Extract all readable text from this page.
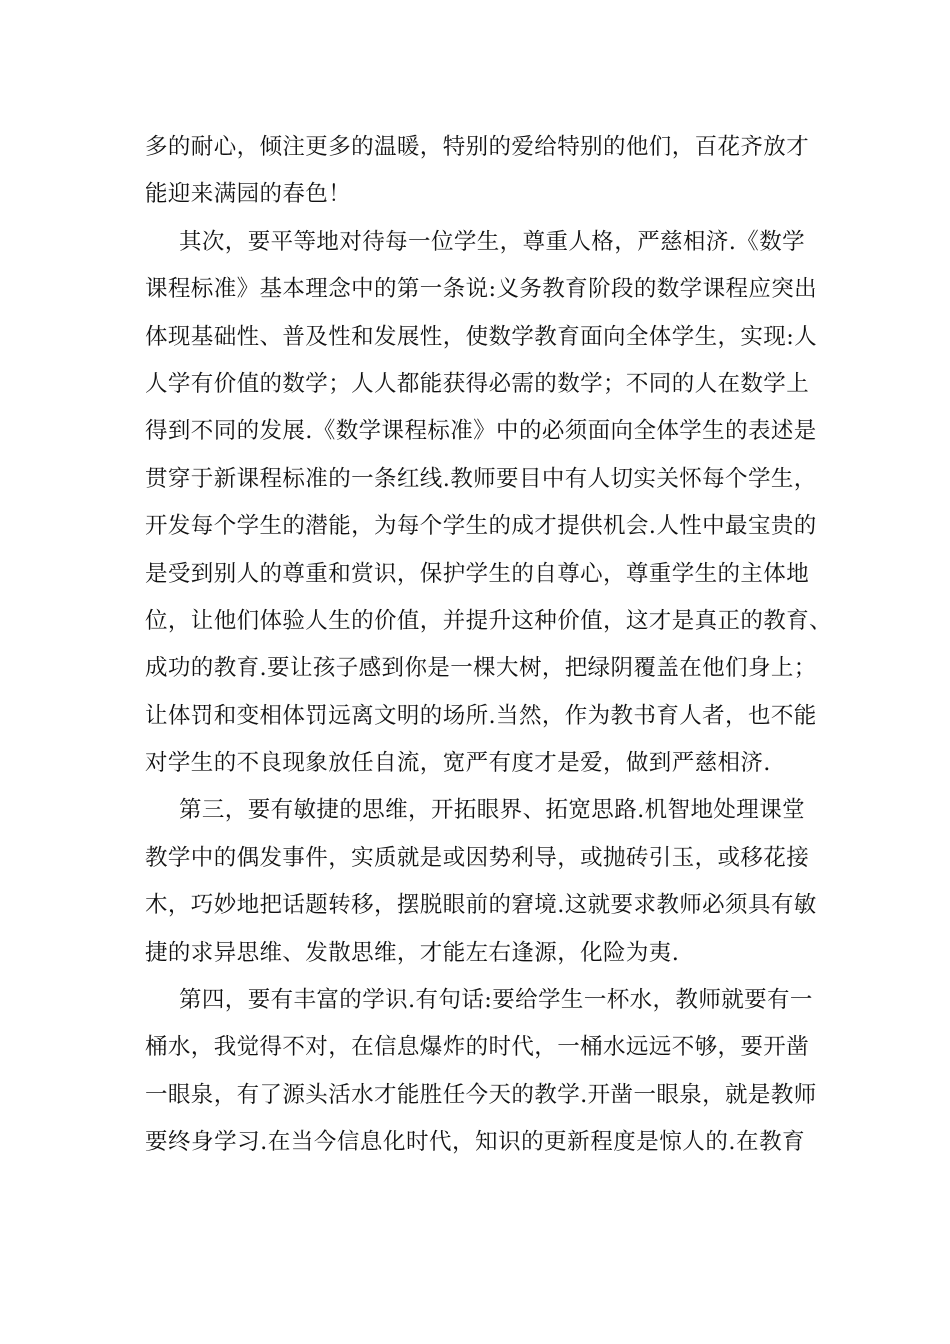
多的耐心，倾注更多的温暖，特别的爱给特别的他们，百花齐放才
能迎来满园的春色！
其次，要平等地对待每一位学生，尊重人格，严慈相济.《数学
课程标准》基本理念中的第一条说:义务教育阶段的数学课程应突出
体现基础性、普及性和发展性，使数学教育面向全体学生，实现:人
人学有价值的数学；人人都能获得必需的数学；不同的人在数学上
得到不同的发展.《数学课程标准》中的必须面向全体学生的表述是
贯穿于新课程标准的一条红线.教师要目中有人切实关怀每个学生，
开发每个学生的潜能，为每个学生的成才提供机会.人性中最宝贵的
是受到别人的尊重和赏识，保护学生的自尊心，尊重学生的主体地
位，让他们体验人生的价值，并提升这种价值，这才是真正的教育、
成功的教育.要让孩子感到你是一棵大树，把绿阴覆盖在他们身上；
让体罚和变相体罚远离文明的场所.当然，作为教书育人者，也不能
对学生的不良现象放任自流，宽严有度才是爱，做到严慈相济.
第三，要有敏捷的思维，开拓眼界、拓宽思路.机智地处理课堂
教学中的偶发事件，实质就是或因势利导，或抛砖引玉，或移花接
木，巧妙地把话题转移，摆脱眼前的窘境.这就要求教师必须具有敏
捷的求异思维、发散思维，才能左右逢源，化险为夷.
第四，要有丰富的学识.有句话:要给学生一杯水，教师就要有一
桶水，我觉得不对，在信息爆炸的时代，一桶水远远不够，要开凿
一眼泉，有了源头活水才能胜任今天的教学.开凿一眼泉，就是教师
要终身学习.在当今信息化时代，知识的更新程度是惊人的.在教育
